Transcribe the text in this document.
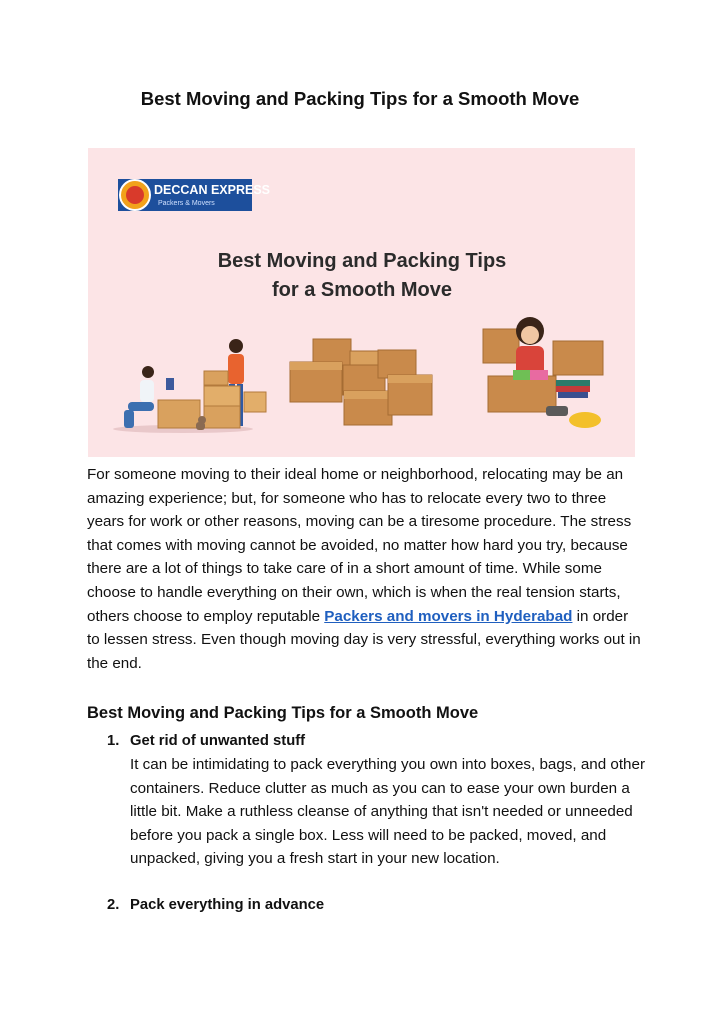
Best Moving and Packing Tips for a Smooth Move
DECCAN EXPRESS
Packers & Movers
Best Moving and Packing Tips
for a Smooth Move

For someone moving to their ideal home or neighborhood, relocating may be an amazing experience; but, for someone who has to relocate every two to three years for work or other reasons, moving can be a tiresome procedure. The stress that comes with moving cannot be avoided, no matter how hard you try, because there are a lot of things to take care of in a short amount of time. While some choose to handle everything on their own, which is when the real tension starts, others choose to employ reputable Packers and movers in Hyderabad in order to lessen stress. Even though moving day is very stressful, everything works out in the end.

Best Moving and Packing Tips for a Smooth Move
1. Get rid of unwanted stuff

It can be intimidating to pack everything you own into boxes, bags, and other containers. Reduce clutter as much as you can to ease your own burden a little bit. Make a ruthless cleanse of anything that isn't needed or unneeded before you pack a single box. Less will need to be packed, moved, and unpacked, giving you a fresh start in your new location.

2. Pack everything in advance
